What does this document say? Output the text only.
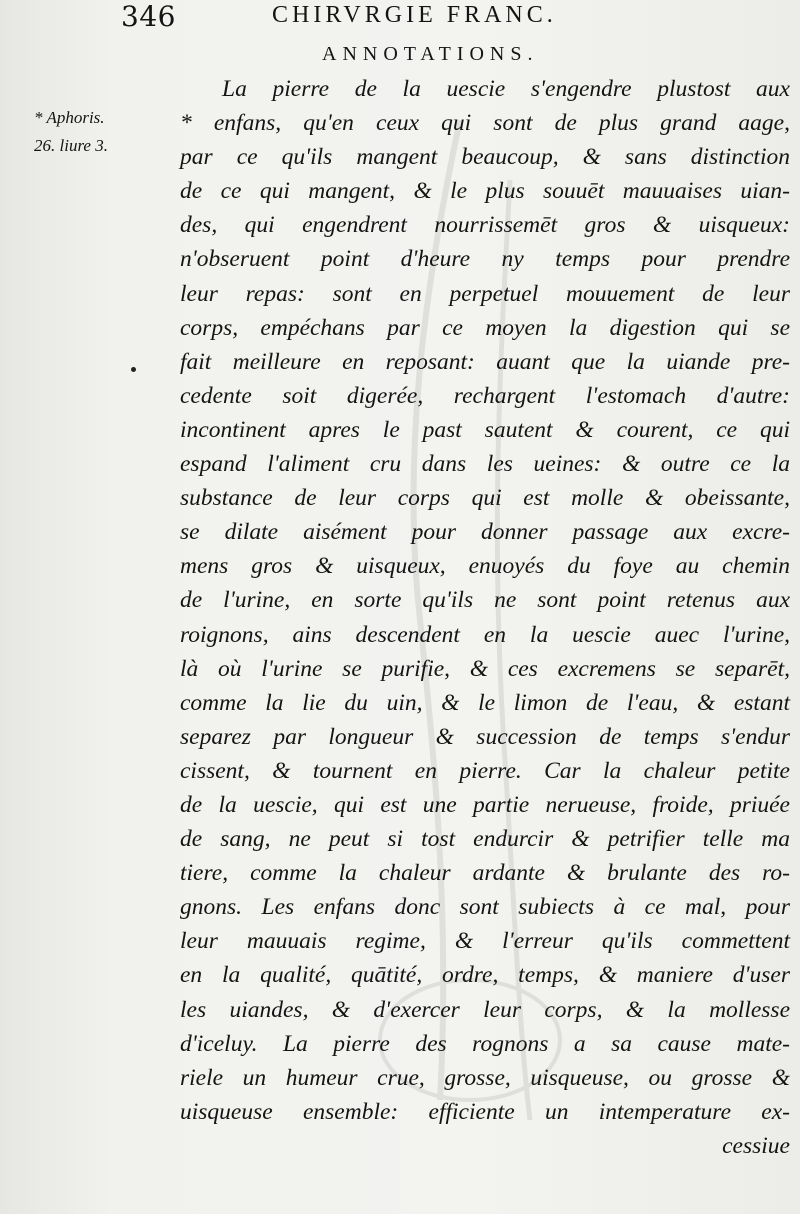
346	CHIRVRGIE FRANC.
ANNOTATIONS.
* Aphoris.
26. liure 3.
La pierre de la uescie s'engendre plustost aux
* enfans, qu'en ceux qui sont de plus grand aage,
par ce qu'ils mangent beaucoup, & sans distinction
de ce qui mangent, & le plus souuēt mauuaises uian-
des, qui engendrent nourrissemēt gros & uisqueux:
n'obseruent point d'heure ny temps pour prendre
leur repas: sont en perpetuel mouuement de leur
corps, empéchans par ce moyen la digestion qui se
fait meilleure en reposant: auant que la uiande pre-
cedente soit digerée, rechargent l'estomach d'autre:
incontinent apres le past sautent & courent, ce qui
espand l'aliment cru dans les ueines: & outre ce la
substance de leur corps qui est molle & obeissante,
se dilate aisément pour donner passage aux excre-
mens gros & uisqueux, enuoyés du foye au chemin
de l'urine, en sorte qu'ils ne sont point retenus aux
roignons, ains descendent en la uescie auec l'urine,
là où l'urine se purifie, & ces excremens se separēt,
comme la lie du uin, & le limon de l'eau, & estant
separez par longueur & succession de temps s'endur
cissent, & tournent en pierre. Car la chaleur petite
de la uescie, qui est une partie nerueuse, froide, priuée
de sang, ne peut si tost endurcir & petrifier telle ma
tiere, comme la chaleur ardante & brulante des ro-
gnons. Les enfans donc sont subiects à ce mal, pour
leur mauuais regime, & l'erreur qu'ils commettent
en la qualité, quātité, ordre, temps, & maniere d'user
les uiandes, & d'exercer leur corps, & la mollesse
d'iceluy. La pierre des rognons a sa cause mate-
riele un humeur crue, grosse, uisqueuse, ou grosse &
uisqueuse ensemble: efficiente un intemperature ex-
cessiue
